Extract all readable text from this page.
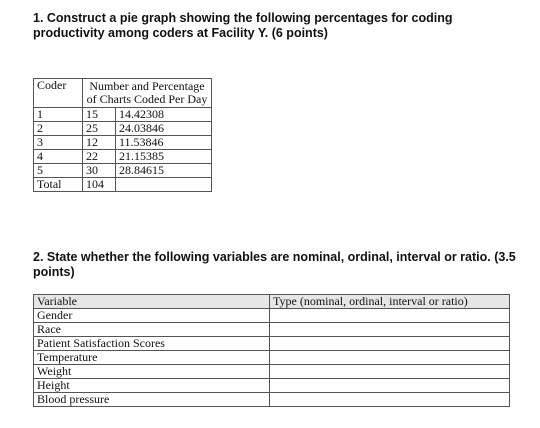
1. Construct a pie graph showing the following percentages for coding productivity among coders at Facility Y. (6 points)
Coder	Number and Percentage of Charts Coded Per Day	
1	15	14.42308
2	25	24.03846
3	12	11.53846
4	22	21.15385
5	30	28.84615
Total	104	
2. State whether the following variables are nominal, ordinal, interval or ratio. (3.5 points)
Variable	Type (nominal, ordinal, interval or ratio)
Gender	
Race	
Patient Satisfaction Scores	
Temperature	
Weight	
Height	
Blood pressure	
